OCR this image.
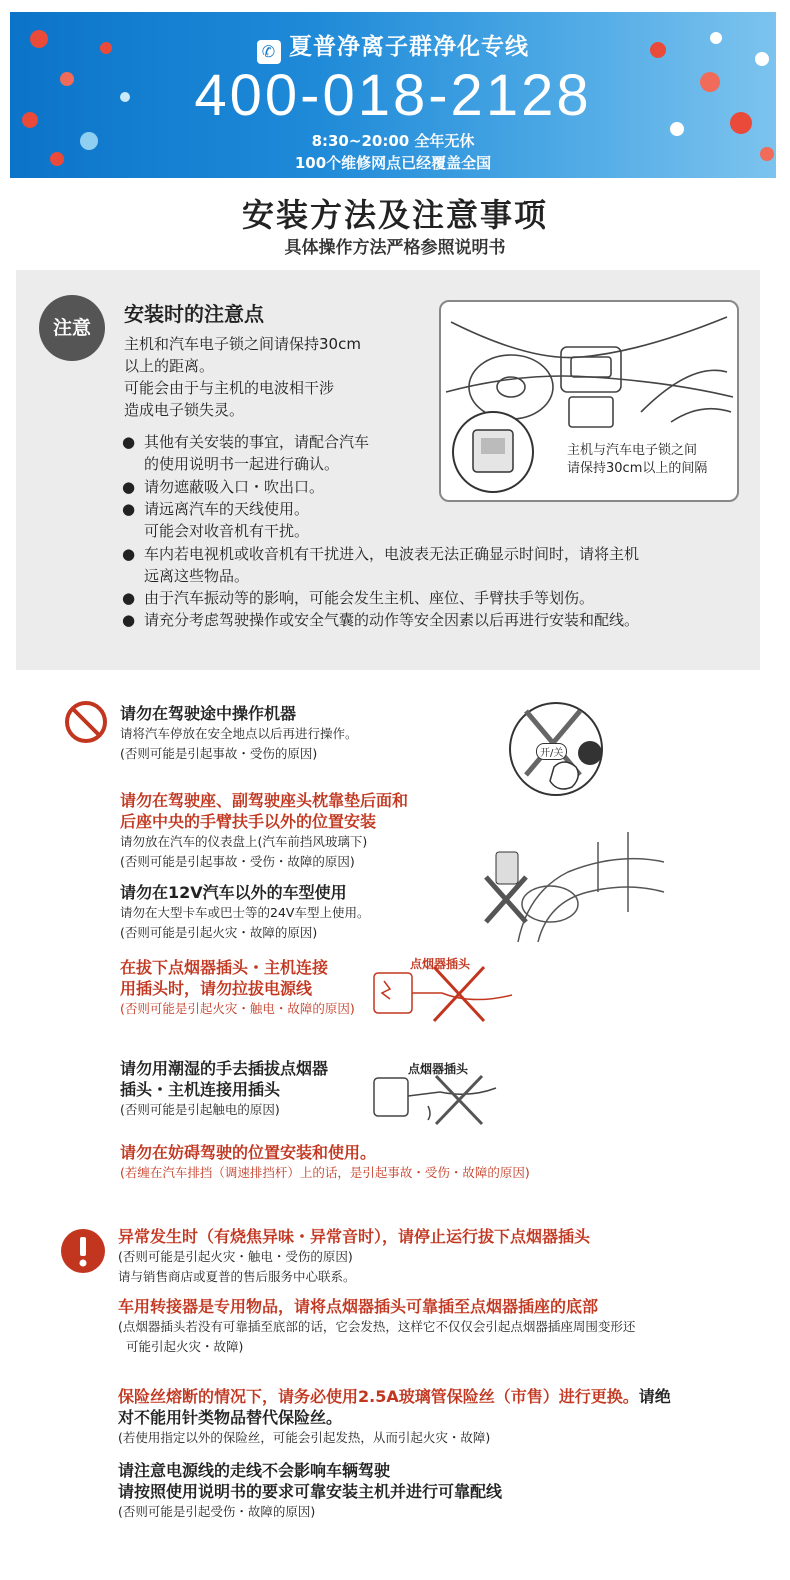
✆ 夏普净离子群净化专线
400-018-2128
8:30~20:00 全年无休
100个维修网点已经覆盖全国
安装方法及注意事项
具体操作方法严格参照说明书
注意
安装时的注意点
主机和汽车电子锁之间请保持30cm
以上的距离。
可能会由于与主机的电波相干涉
造成电子锁失灵。
● 其他有关安装的事宜，请配合汽车
的使用说明书一起进行确认。
● 请勿遮蔽吸入口・吹出口。
● 请远离汽车的天线使用。
可能会对收音机有干扰。
● 车内若电视机或收音机有干扰进入，电波表无法正确显示时间时，请将主机
远离这些物品。
● 由于汽车振动等的影响，可能会发生主机、座位、手臂扶手等划伤。
● 请充分考虑驾驶操作或安全气囊的动作等安全因素以后再进行安装和配线。
主机与汽车电子锁之间
请保持30cm以上的间隔
请勿在驾驶途中操作机器
请将汽车停放在安全地点以后再进行操作。
(否则可能是引起事故・受伤的原因)	开/关
请勿在驾驶座、副驾驶座头枕靠垫后面和
后座中央的手臂扶手以外的位置安装
请勿放在汽车的仪表盘上(汽车前挡风玻璃下)
(否则可能是引起事故・受伤・故障的原因)
请勿在12V汽车以外的车型使用
请勿在大型卡车或巴士等的24V车型上使用。
(否则可能是引起火灾・故障的原因)
在拔下点烟器插头・主机连接
用插头时，请勿拉拔电源线
(否则可能是引起火灾・触电・故障的原因)
点烟器插头
请勿用潮湿的手去插拔点烟器
插头・主机连接用插头
(否则可能是引起触电的原因)
点烟器插头
请勿在妨碍驾驶的位置安装和使用。
(若缠在汽车排挡（调速排挡杆）上的话，是引起事故・受伤・故障的原因)
异常发生时（有烧焦异味・异常音时），请停止运行拔下点烟器插头
(否则可能是引起火灾・触电・受伤的原因)
请与销售商店或夏普的售后服务中心联系。
车用转接器是专用物品，请将点烟器插头可靠插至点烟器插座的底部
(点烟器插头若没有可靠插至底部的话，它会发热，这样它不仅仅会引起点烟器插座周围变形还
可能引起火灾・故障)
保险丝熔断的情况下，请务必使用2.5A玻璃管保险丝（市售）进行更换。请绝
对不能用针类物品替代保险丝。
(若使用指定以外的保险丝，可能会引起发热，从而引起火灾・故障)
请注意电源线的走线不会影响车辆驾驶
请按照使用说明书的要求可靠安装主机并进行可靠配线
(否则可能是引起受伤・故障的原因)
